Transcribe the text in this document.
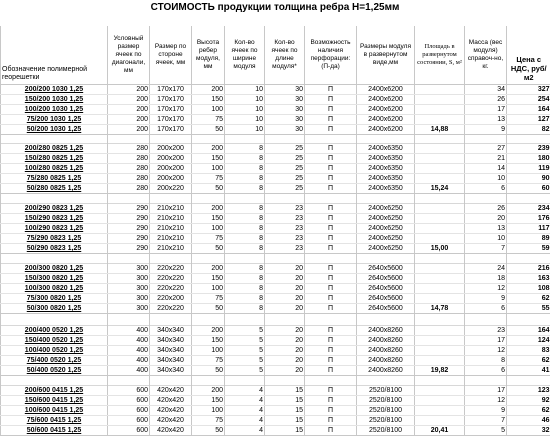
СТОИМОСТЬ продукции толщина ребра Н=1,25мм
Обозначение полимерной георешетки	Условный размер ячеек по диагонали, мм	Размер по стороне ячеек, мм	Высота ребер модуля, мм	Кол-во ячеек по ширине модуля	Кол-во ячеек по длине модуля*	Возможность наличия перфорации: (П-да)	Размеры модуля в развернутом виде,мм	Площадь в развернутом состоянии, S, м²	Масса (вес модуля) справоч-но, кг.	Цена с НДС, руб/м2
200/200 1030 1,25	200	170х170	200	10	30	П	2400х6200		34	327
150/200 1030 1,25	200	170х170	150	10	30	П	2400х6200		26	254
100/200 1030 1,25	200	170х170	100	10	30	П	2400х6200		17	164
75/200 1030 1,25	200	170х170	75	10	30	П	2400х6200		13	127
50/200 1030 1,25	200	170х170	50	10	30	П	2400х6200	14,88	9	82

200/280 0825 1,25	280	200х200	200	8	25	П	2400х6350		27	239
150/280 0825 1,25	280	200х200	150	8	25	П	2400х6350		21	180
100/280 0825 1,25	280	200х200	100	8	25	П	2400х6350		14	119
75/280 0825 1,25	280	200х200	75	8	25	П	2400х6350		10	90
50/280 0825 1,25	280	200х220	50	8	25	П	2400х6350	15,24	6	60

200/290 0823 1,25	290	210х210	200	8	23	П	2400х6250		26	234
150/290 0823 1,25	290	210х210	150	8	23	П	2400х6250		20	176
100/290 0823 1,25	290	210х210	100	8	23	П	2400х6250		13	117
75/290 0823 1,25	290	210х210	75	8	23	П	2400х6250		10	89
50/290 0823 1,25	290	210х210	50	8	23	П	2400х6250	15,00	7	59

200/300 0820 1,25	300	220х220	200	8	20	П	2640х5600		24	216
150/300 0820 1,25	300	220х220	150	8	20	П	2640х5600		18	163
100/300 0820 1,25	300	220х220	100	8	20	П	2640х5600		12	108
75/300 0820 1,25	300	220х200	75	8	20	П	2640х5600		9	62
50/300 0820 1,25	300	220х220	50	8	20	П	2640х5600	14,78	6	55

200/400 0520 1,25	400	340х340	200	5	20	П	2400х8260		23	164
150/400 0520 1,25	400	340х340	150	5	20	П	2400х8260		17	124
100/400 0520 1,25	400	340х340	100	5	20	П	2400х8260		12	83
75/400 0520 1,25	400	340х340	75	5	20	П	2400х8260		8	62
50/400 0520 1,25	400	340х340	50	5	20	П	2400х8260	19,82	6	41

200/600 0415 1,25	600	420х420	200	4	15	П	2520/8100		17	123
150/600 0415 1,25	600	420х420	150	4	15	П	2520/8100		12	92
100/600 0415 1,25	600	420х420	100	4	15	П	2520/8100		9	62
75/600 0415 1,25	600	420х420	75	4	15	П	2520/8100		7	46
50/600 0415 1,25	600	420х420	50	4	15	П	2520/8100	20,41	5	32
